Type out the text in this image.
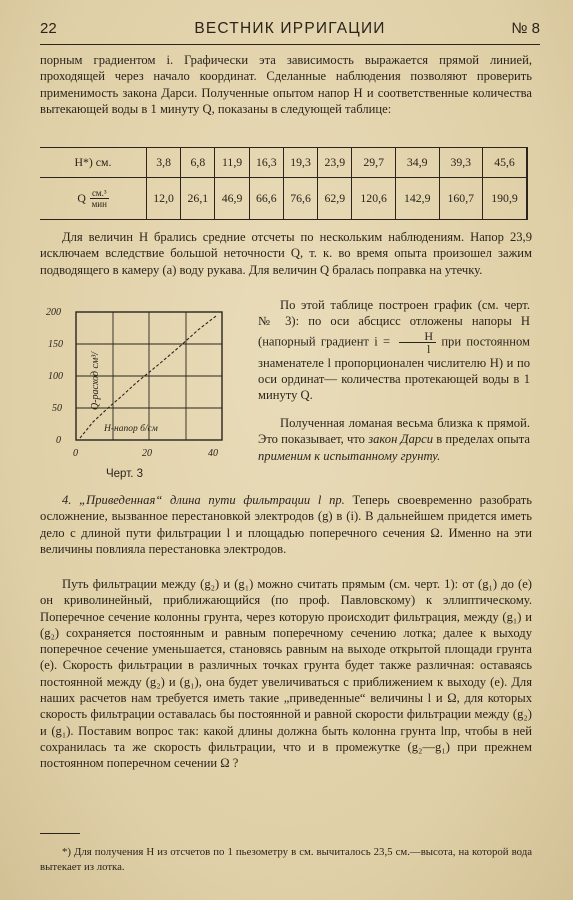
22	ВЕСТНИК ИРРИГАЦИИ	№ 8

порным градиентом i. Графически эта зависимость выражается прямой линией, проходящей через начало координат. Сделанные наблюдения позволяют проверить применимость закона Дарси. Полученные опытом напор H и соответственные количества вытекающей воды в 1 минуту Q, показаны в следующей таблице:

H*) см.	3,8	6,8	11,9	16,3	19,3	23,9	29,7	34,9	39,3	45,6

Q $\frac{\text{см.³}}{\text{мин}}$	12,0	26,1	46,9	66,6	76,6	62,9	120,6	142,9	160,7	190,9

Для величин H брались средние отсчеты по нескольким наблюдениям. Напор 23,9 исключаем вследствие большой неточности Q, т. к. во время опыта произошел зажим подводящего в камеру (а) воду рукава. Для величин Q бралась поправка на утечку.

200
150
100
50
0
0	20	40
Q-расход см³/
H-напор б/см
Черт. 3

По этой таблице построен график (см. черт. № 3): по оси абсцисс отложены напоры H (напорный градиент $i = \frac{H}{l}$ при постоянном знаменателе l пропорционален числителю H) и по оси ординат— количества протекающей воды в 1 минуту Q.

Полученная ломаная весьма близка к прямой. Это показывает, что закон Дарси в пределах опыта применим к испытанному грунту.

4. „Приведенная“ длина пути фильтрации l пр. Теперь своевременно разобрать осложнение, вызванное перестановкой электродов (g) в (i). В дальнейшем придется иметь дело с длиной пути фильтрации l и площадью поперечного сечения Ω. Именно на эти величины повлияла перестановка электродов.

Путь фильтрации между (g₂) и (g₁) можно считать прямым (см. черт. 1): от (g₁) до (e) он криволинейный, приближающийся (по проф. Павловскому) к эллиптическому. Поперечное сечение колонны грунта, через которую происходит фильтрация, между (g₁) и (g₂) сохраняется постоянным и равным поперечному сечению лотка; далее к выходу поперечное сечение уменьшается, становясь равным на выходе открытой площади грунта (e). Скорость фильтрации в различных точках грунта будет также различная: оставаясь постоянной между (g₂) и (g₁), она будет увеличиваться с приближением к выходу (e). Для наших расчетов нам требуется иметь такие „приведенные“ величины l и Ω, для которых скорость фильтрации оставалась бы постоянной и равной скорости фильтрации между (g₂) и (g₁). Поставим вопрос так: какой длины должна быть колонна грунта lпр, чтобы в ней сохранилась та же скорость фильтрации, что и в промежутке (g₂—g₁) при прежнем постоянном поперечном сечении Ω ?

*) Для получения H из отсчетов по 1 пьезометру в см. вычиталось 23,5 см.—высота, на которой вода вытекает из лотка.
